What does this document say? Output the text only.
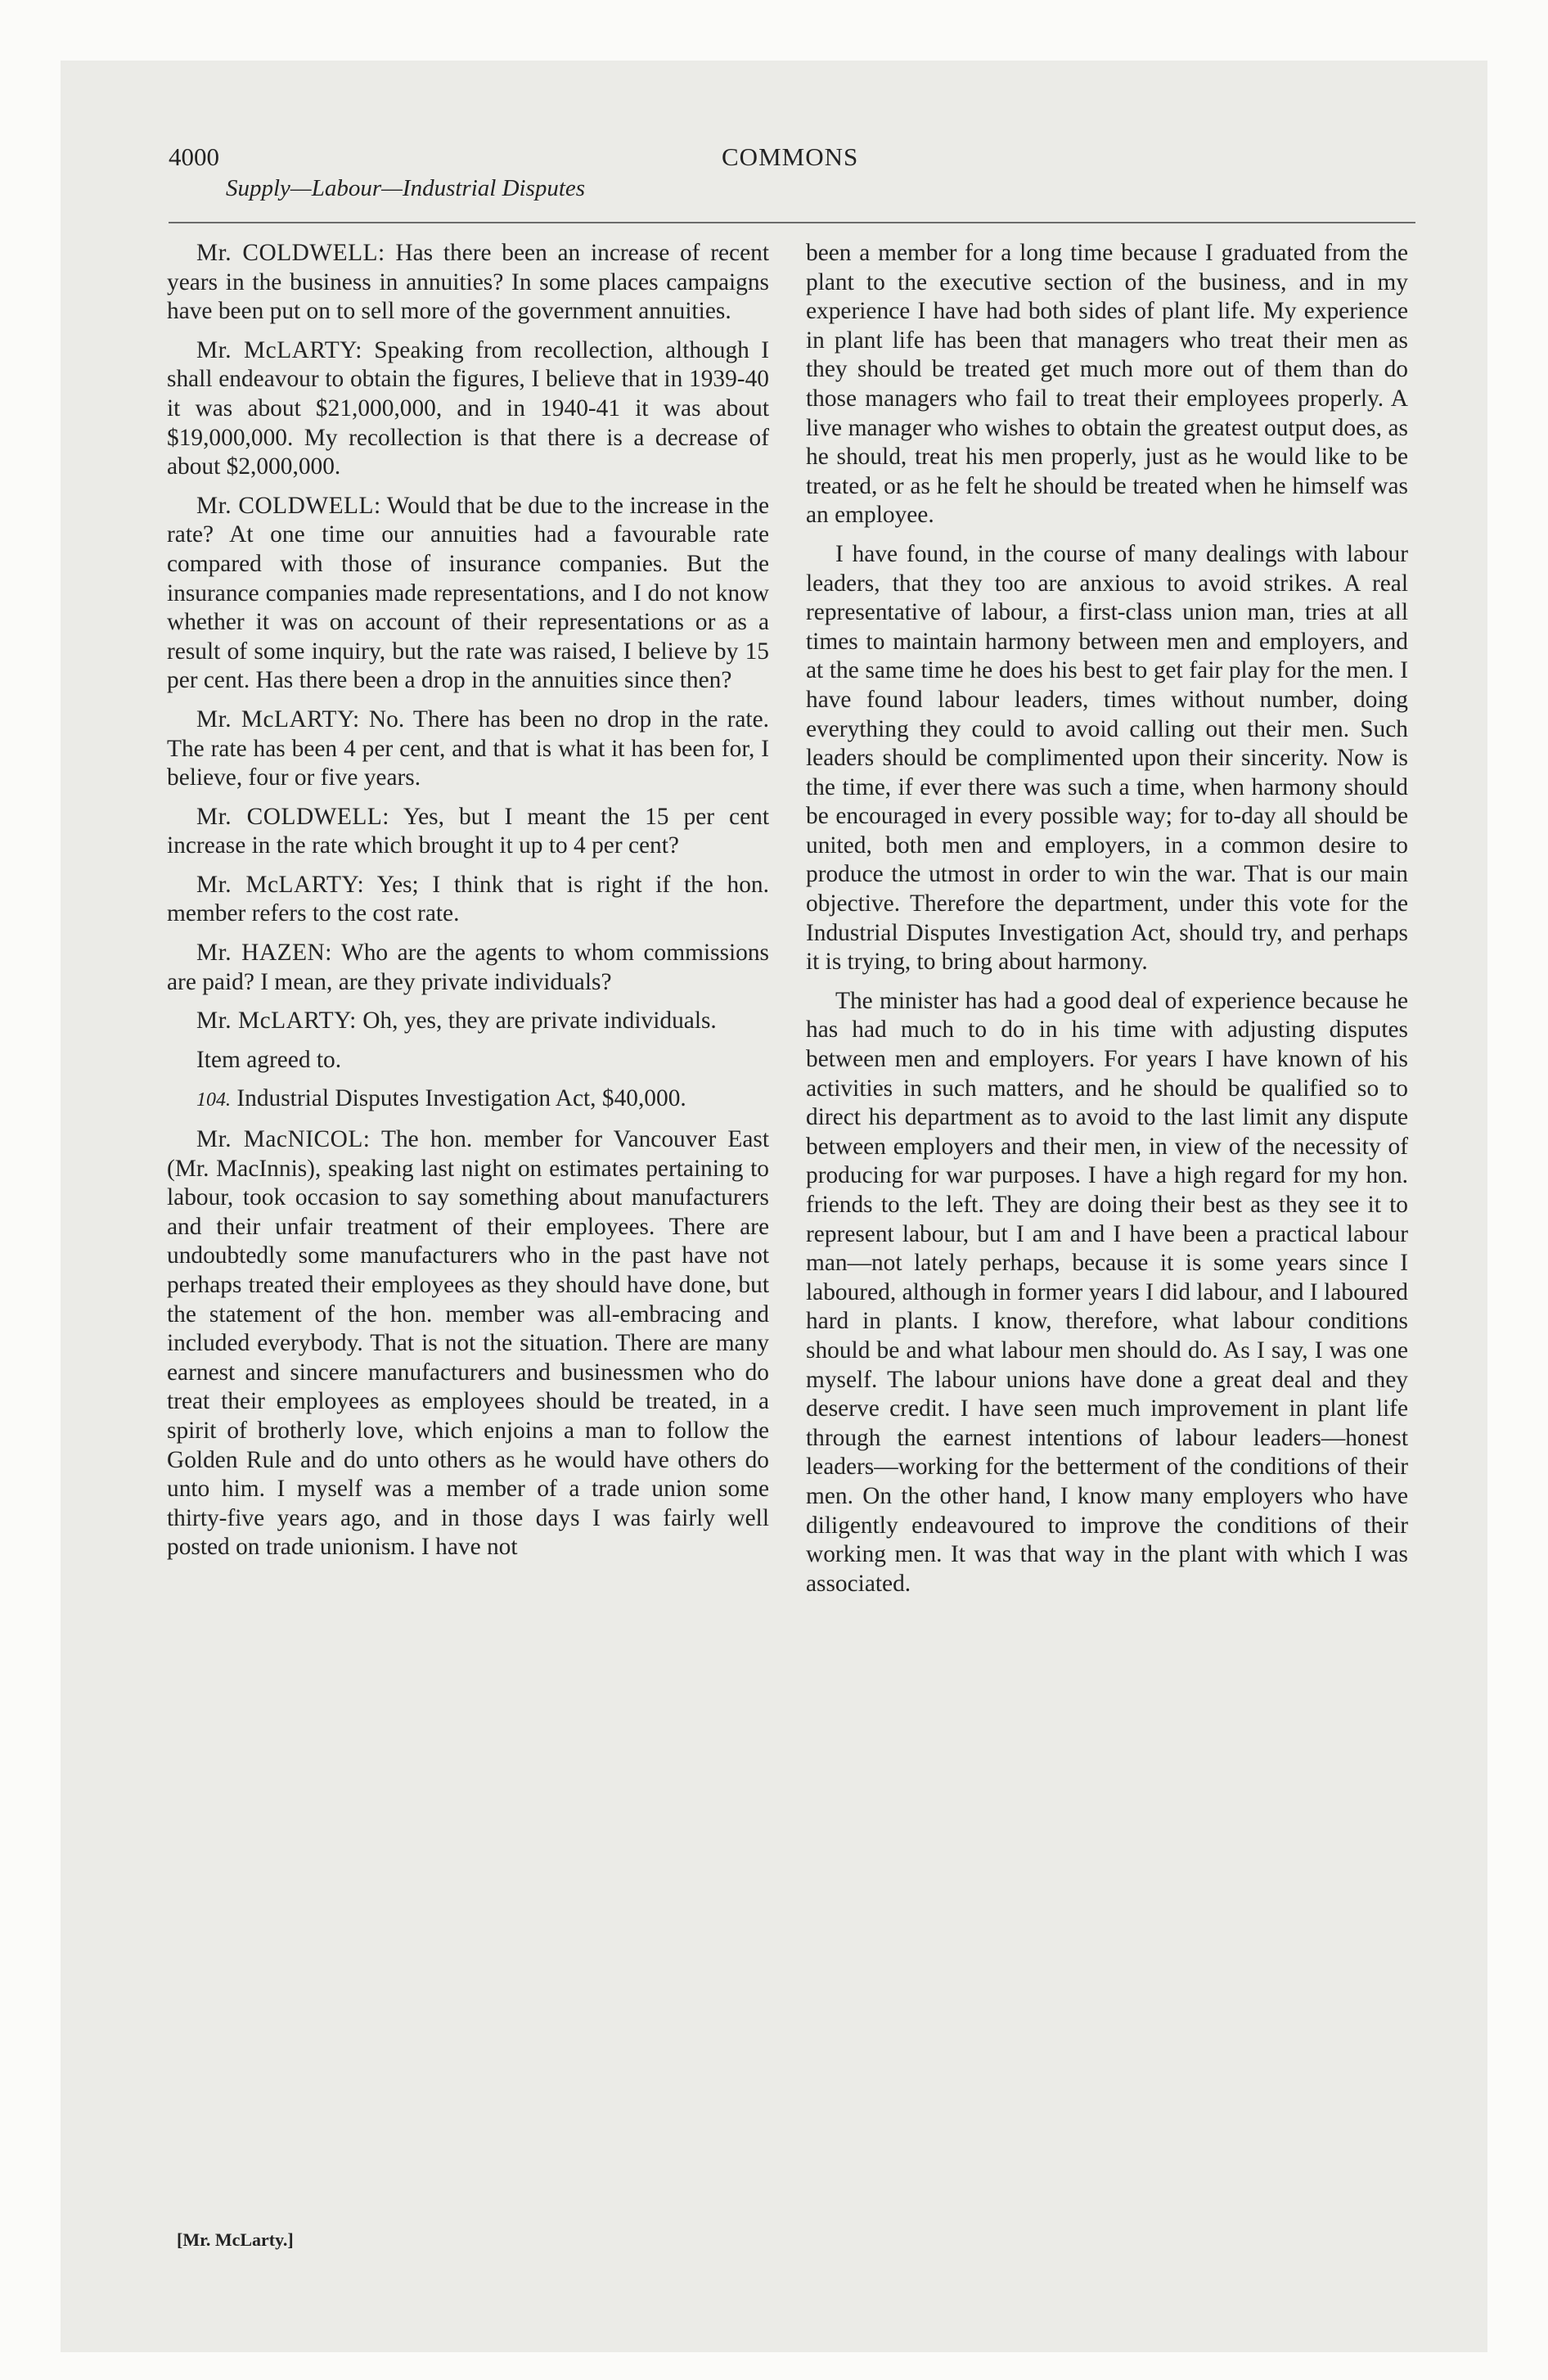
4000	COMMONS
Supply—Labour—Industrial Disputes

Mr. COLDWELL: Has there been an increase of recent years in the business in annuities? In some places campaigns have been put on to sell more of the government annuities.

Mr. McLARTY: Speaking from recollection, although I shall endeavour to obtain the figures, I believe that in 1939-40 it was about $21,000,000, and in 1940-41 it was about $19,000,000. My recollection is that there is a decrease of about $2,000,000.

Mr. COLDWELL: Would that be due to the increase in the rate? At one time our annuities had a favourable rate compared with those of insurance companies. But the insurance companies made representations, and I do not know whether it was on account of their representations or as a result of some inquiry, but the rate was raised, I believe by 15 per cent. Has there been a drop in the annuities since then?

Mr. McLARTY: No. There has been no drop in the rate. The rate has been 4 per cent, and that is what it has been for, I believe, four or five years.

Mr. COLDWELL: Yes, but I meant the 15 per cent increase in the rate which brought it up to 4 per cent?

Mr. McLARTY: Yes; I think that is right if the hon. member refers to the cost rate.

Mr. HAZEN: Who are the agents to whom commissions are paid? I mean, are they private individuals?

Mr. McLARTY: Oh, yes, they are private individuals.

Item agreed to.

104. Industrial Disputes Investigation Act, $40,000.

Mr. MacNICOL: The hon. member for Vancouver East (Mr. MacInnis), speaking last night on estimates pertaining to labour, took occasion to say something about manufacturers and their unfair treatment of their employees. There are undoubtedly some manufacturers who in the past have not perhaps treated their employees as they should have done, but the statement of the hon. member was all-embracing and included everybody. That is not the situation. There are many earnest and sincere manufacturers and businessmen who do treat their employees as employees should be treated, in a spirit of brotherly love, which enjoins a man to follow the Golden Rule and do unto others as he would have others do unto him. I myself was a member of a trade union some thirty-five years ago, and in those days I was fairly well posted on trade unionism. I have not

[Mr. McLarty.]

been a member for a long time because I graduated from the plant to the executive section of the business, and in my experience I have had both sides of plant life. My experience in plant life has been that managers who treat their men as they should be treated get much more out of them than do those managers who fail to treat their employees properly. A live manager who wishes to obtain the greatest output does, as he should, treat his men properly, just as he would like to be treated, or as he felt he should be treated when he himself was an employee.

I have found, in the course of many dealings with labour leaders, that they too are anxious to avoid strikes. A real representative of labour, a first-class union man, tries at all times to maintain harmony between men and employers, and at the same time he does his best to get fair play for the men. I have found labour leaders, times without number, doing everything they could to avoid calling out their men. Such leaders should be complimented upon their sincerity. Now is the time, if ever there was such a time, when harmony should be encouraged in every possible way; for to-day all should be united, both men and employers, in a common desire to produce the utmost in order to win the war. That is our main objective. Therefore the department, under this vote for the Industrial Disputes Investigation Act, should try, and perhaps it is trying, to bring about harmony.

The minister has had a good deal of experience because he has had much to do in his time with adjusting disputes between men and employers. For years I have known of his activities in such matters, and he should be qualified so to direct his department as to avoid to the last limit any dispute between employers and their men, in view of the necessity of producing for war purposes. I have a high regard for my hon. friends to the left. They are doing their best as they see it to represent labour, but I am and I have been a practical labour man—not lately perhaps, because it is some years since I laboured, although in former years I did labour, and I laboured hard in plants. I know, therefore, what labour conditions should be and what labour men should do. As I say, I was one myself. The labour unions have done a great deal and they deserve credit. I have seen much improvement in plant life through the earnest intentions of labour leaders—honest leaders—working for the betterment of the conditions of their men. On the other hand, I know many employers who have diligently endeavoured to improve the conditions of their working men. It was that way in the plant with which I was associated.
